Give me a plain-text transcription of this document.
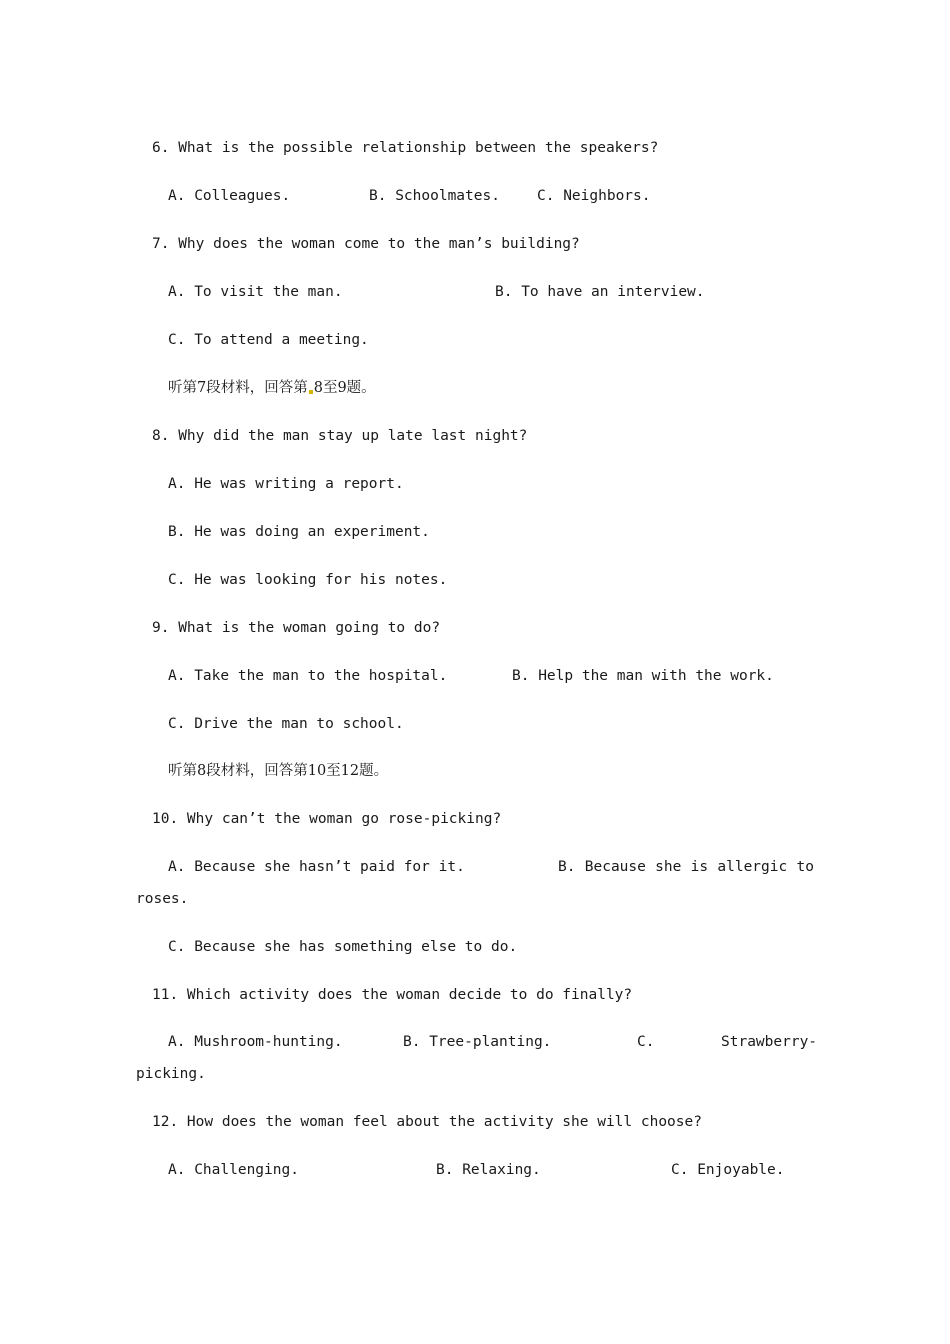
6. What is the possible relationship between the speakers?
A. Colleagues.	B. Schoolmates.	C. Neighbors.
7. Why does the woman come to the man’s building?
A. To visit the man.	B. To have an interview.
C. To attend a meeting.
听第7段材料，回答第 8至9题。
8. Why did the man stay up late last night?
A. He was writing a report.
B. He was doing an experiment.
C. He was looking for his notes.
9. What is the woman going to do?
A. Take the man to the hospital.	B. Help the man with the work.
C. Drive the man to school.
听第8段材料，回答第10至12题。
10. Why can’t the woman go rose-picking?
A. Because she hasn’t paid for it.	B. Because she is allergic to
roses.
C. Because she has something else to do.
11. Which activity does the woman decide to do finally?
A. Mushroom-hunting.	B. Tree-planting.	C.	Strawberry-
picking.
12. How does the woman feel about the activity she will choose?
A. Challenging.	B. Relaxing.	C. Enjoyable.
